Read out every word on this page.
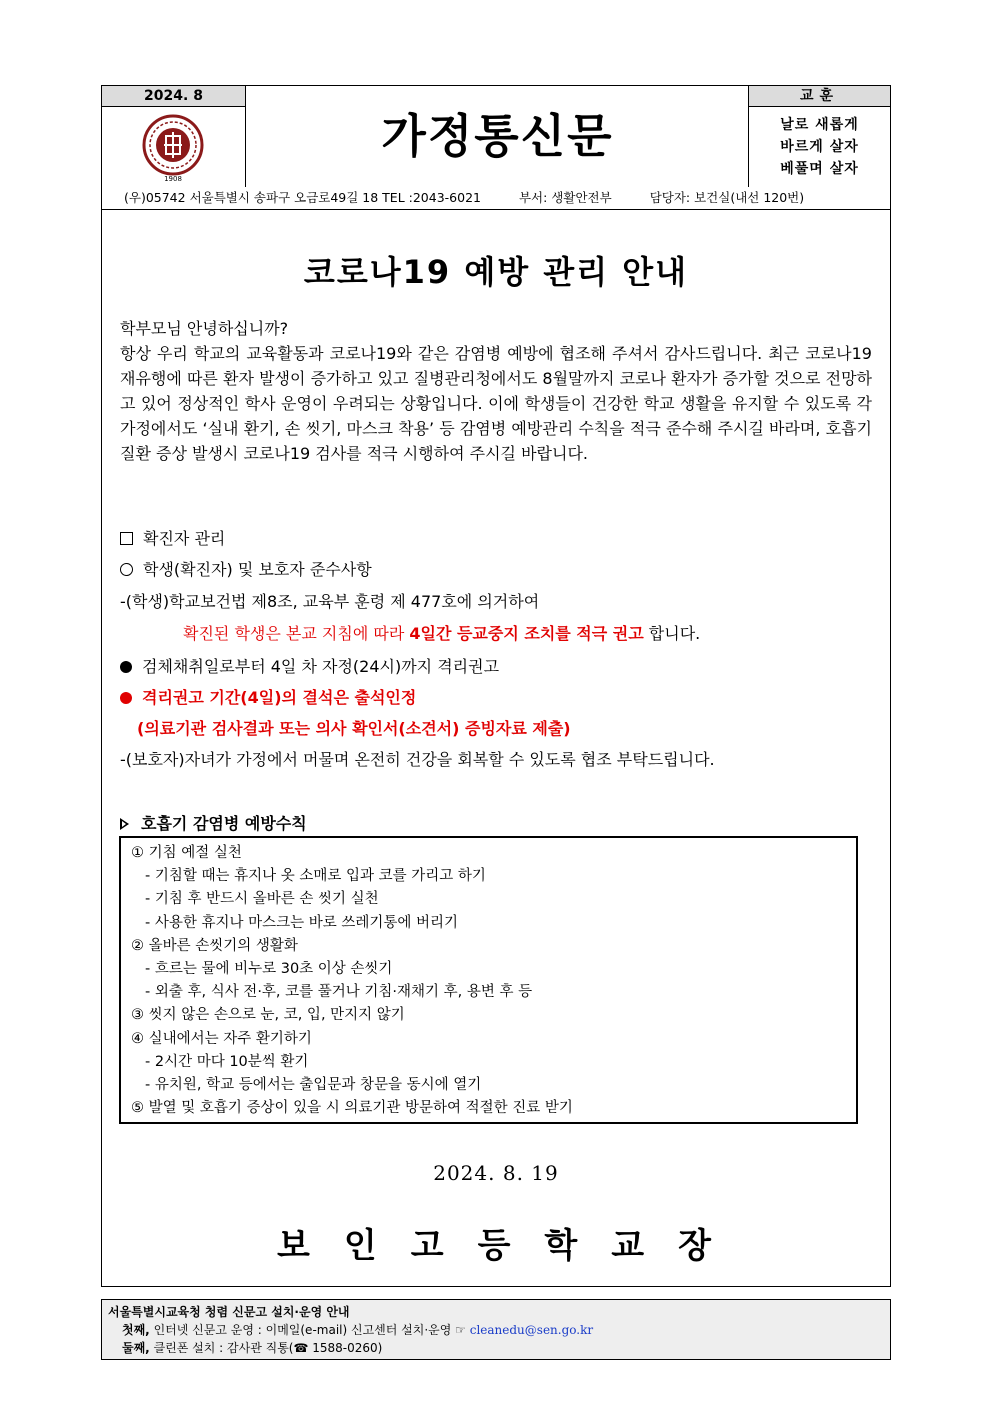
2024. 8
1908
가정통신문
교훈
날로 새롭게
바르게 살자
베풀며 살자
(우)05742 서울특별시 송파구 오금로49길 18 TEL :2043-6021	부서: 생활안전부	담당자: 보건실(내선 120번)
코로나19 예방 관리 안내

학부모님 안녕하십니까?

항상 우리 학교의 교육활동과 코로나19와 같은 감염병 예방에 협조해 주셔서 감사드립니다. 최근 코로나19 재유행에 따른 환자 발생이 증가하고 있고 질병관리청에서도 8월말까지 코로나 환자가 증가할 것으로 전망하고 있어 정상적인 학사 운영이 우려되는 상황입니다. 이에 학생들이 건강한 학교 생활을 유지할 수 있도록 각 가정에서도 ‘실내 환기, 손 씻기, 마스크 착용’ 등 감염병 예방관리 수칙을 적극 준수해 주시길 바라며, 호흡기 질환 증상 발생시 코로나19 검사를 적극 시행하여 주시길 바랍니다.

확진자 관리
학생(확진자) 및 보호자 준수사항
-(학생)학교보건법 제8조, 교육부 훈령 제 477호에 의거하여
확진된 학생은 본교 지침에 따라 4일간 등교중지 조치를 적극 권고 합니다.
검체채취일로부터 4일 차 자정(24시)까지 격리권고
격리권고 기간(4일)의 결석은 출석인정
(의료기관 검사결과 또는 의사 확인서(소견서) 증빙자료 제출)
-(보호자)자녀가 가정에서 머물며 온전히 건강을 회복할 수 있도록 협조 부탁드립니다.
호흡기 감염병 예방수칙
① 기침 예절 실천
- 기침할 때는 휴지나 옷 소매로 입과 코를 가리고 하기
- 기침 후 반드시 올바른 손 씻기 실천
- 사용한 휴지나 마스크는 바로 쓰레기통에 버리기
② 올바른 손씻기의 생활화
- 흐르는 물에 비누로 30초 이상 손씻기
- 외출 후, 식사 전·후, 코를 풀거나 기침·재채기 후, 용변 후 등
③ 씻지 않은 손으로 눈, 코, 입, 만지지 않기
④ 실내에서는 자주 환기하기
- 2시간 마다 10분씩 환기
- 유치원, 학교 등에서는 출입문과 창문을 동시에 열기
⑤ 발열 및 호흡기 증상이 있을 시 의료기관 방문하여 적절한 진료 받기
2024. 8. 19
보인고등학교장
서울특별시교육청 청렴 신문고 설치·운영 안내
첫째, 인터넷 신문고 운영 : 이메일(e-mail) 신고센터 설치·운영 ☞ cleanedu@sen.go.kr
둘째, 클린폰 설치 : 감사관 직통(☎ 1588-0260)
